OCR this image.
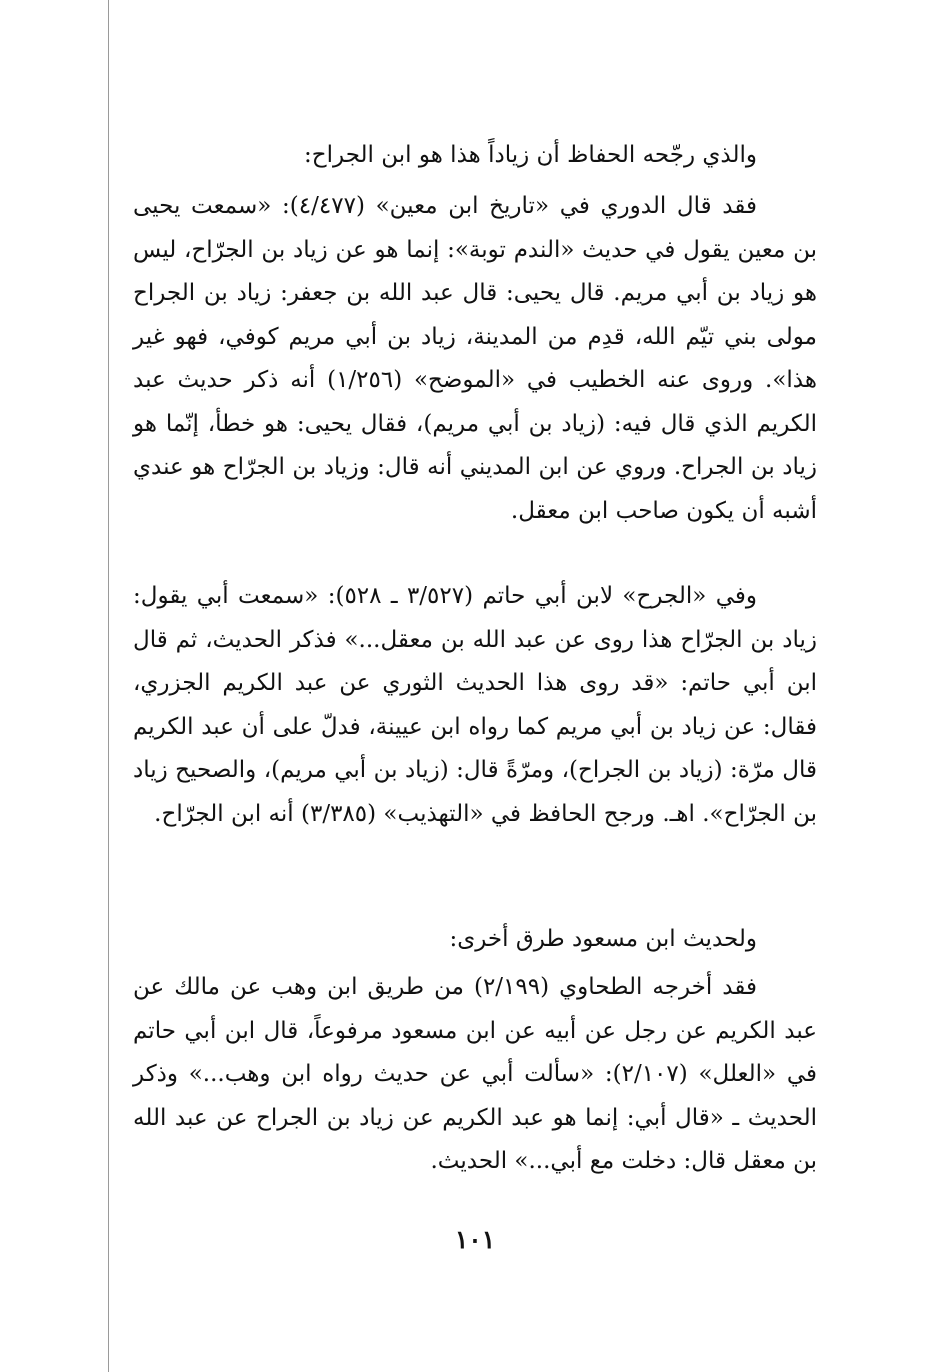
والذي رجّحه الحفاظ أن زياداً هذا هو ابن الجراح:

فقد قال الدوري في «تاريخ ابن معين» (٤/٤٧٧): «سمعت يحيى بن معين يقول في حديث «الندم توبة»: إنما هو عن زياد بن الجرّاح، ليس هو زياد بن أبي مريم. قال يحيى: قال عبد الله بن جعفر: زياد بن الجراح مولى بني تيّم الله، قدِم من المدينة، زياد بن أبي مريم كوفي، فهو غير هذا». وروى عنه الخطيب في «الموضح» (١/٢٥٦) أنه ذكر حديث عبد الكريم الذي قال فيه: (زياد بن أبي مريم)، فقال يحيى: هو خطأ، إنّما هو زياد بن الجراح. وروي عن ابن المديني أنه قال: وزياد بن الجرّاح هو عندي أشبه أن يكون صاحب ابن معقل.

وفي «الجرح» لابن أبي حاتم (٣/٥٢٧ ـ ٥٢٨): «سمعت أبي يقول: زياد بن الجرّاح هذا روى عن عبد الله بن معقل...» فذكر الحديث، ثم قال ابن أبي حاتم: «قد روى هذا الحديث الثوري عن عبد الكريم الجزري، فقال: عن زياد بن أبي مريم كما رواه ابن عيينة، فدلّ على أن عبد الكريم قال مرّة: (زياد بن الجراح)، ومرّةً قال: (زياد بن أبي مريم)، والصحيح زياد بن الجرّاح». اهـ. ورجح الحافظ في «التهذيب» (٣/٣٨٥) أنه ابن الجرّاح.

ولحديث ابن مسعود طرق أخرى:

فقد أخرجه الطحاوي (٢/١٩٩) من طريق ابن وهب عن مالك عن عبد الكريم عن رجل عن أبيه عن ابن مسعود مرفوعاً، قال ابن أبي حاتم في «العلل» (٢/١٠٧): «سألت أبي عن حديث رواه ابن وهب...» وذكر الحديث ـ «قال أبي: إنما هو عبد الكريم عن زياد بن الجراح عن عبد الله بن معقل قال: دخلت مع أبي...» الحديث.

١٠١
